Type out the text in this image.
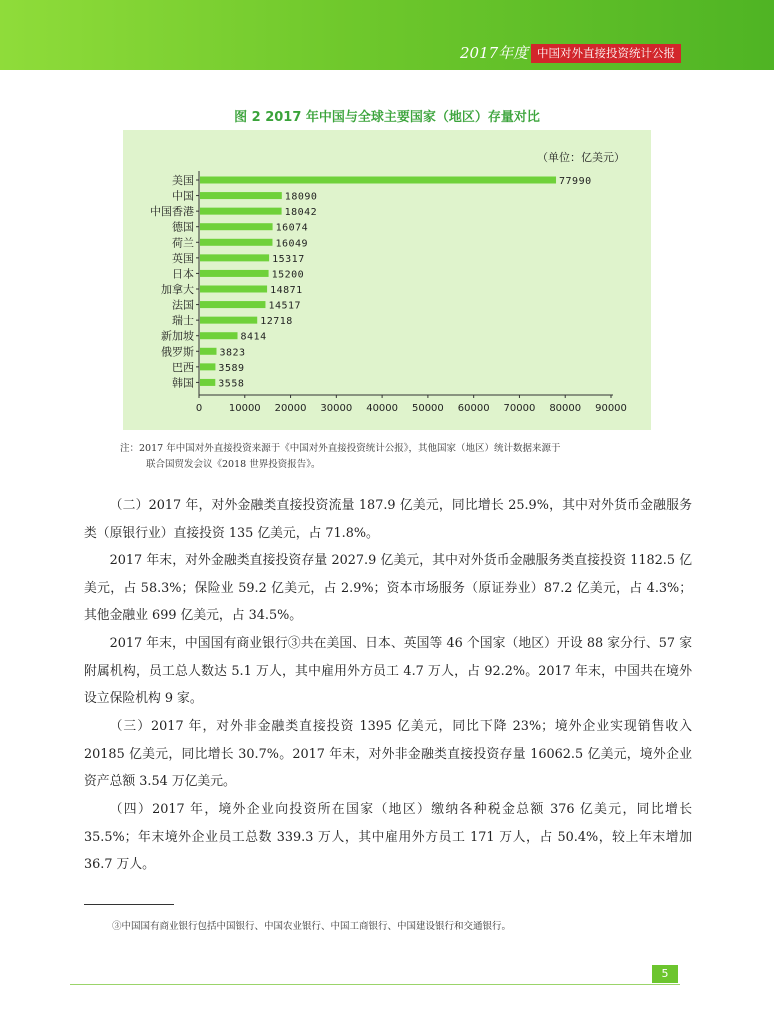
2017年度 中国对外直接投资统计公报
图 2 2017 年中国与全球主要国家（地区）存量对比
（单位：亿美元）
0	10000 20000 30000 40000 50000 60000 70000 80000 90000
美国	77990
中国	18090
中国香港	18042
德国	16074
荷兰	16049
英国	15317
日本	15200
加拿大	14871
法国	14517
瑞士	12718
新加坡	8414
俄罗斯	3823
巴西 3589
韩国 3558
注：2017 年中国对外直接投资来源于《中国对外直接投资统计公报》，其他国家（地区）统计数据来源于
联合国贸发会议《2018 世界投资报告》。

（二）2017 年，对外金融类直接投资流量 187.9 亿美元，同比增长 25.9%，其中对外货币金融服务类（原银行业）直接投资 135 亿美元，占 71.8%。

2017 年末，对外金融类直接投资存量 2027.9 亿美元，其中对外货币金融服务类直接投资 1182.5 亿美元，占 58.3%；保险业 59.2 亿美元，占 2.9%；资本市场服务（原证券业）87.2 亿美元，占 4.3%；其他金融业 699 亿美元，占 34.5%。

2017 年末，中国国有商业银行③共在美国、日本、英国等 46 个国家（地区）开设 88 家分行、57 家附属机构，员工总人数达 5.1 万人，其中雇用外方员工 4.7 万人，占 92.2%。2017 年末，中国共在境外设立保险机构 9 家。

（三）2017 年，对外非金融类直接投资 1395 亿美元，同比下降 23%；境外企业实现销售收入 20185 亿美元，同比增长 30.7%。2017 年末，对外非金融类直接投资存量 16062.5 亿美元，境外企业资产总额 3.54 万亿美元。

（四）2017 年，境外企业向投资所在国家（地区）缴纳各种税金总额 376 亿美元，同比增长 35.5%；年末境外企业员工总数 339.3 万人，其中雇用外方员工 171 万人，占 50.4%，较上年末增加 36.7 万人。

③中国国有商业银行包括中国银行、中国农业银行、中国工商银行、中国建设银行和交通银行。
5
